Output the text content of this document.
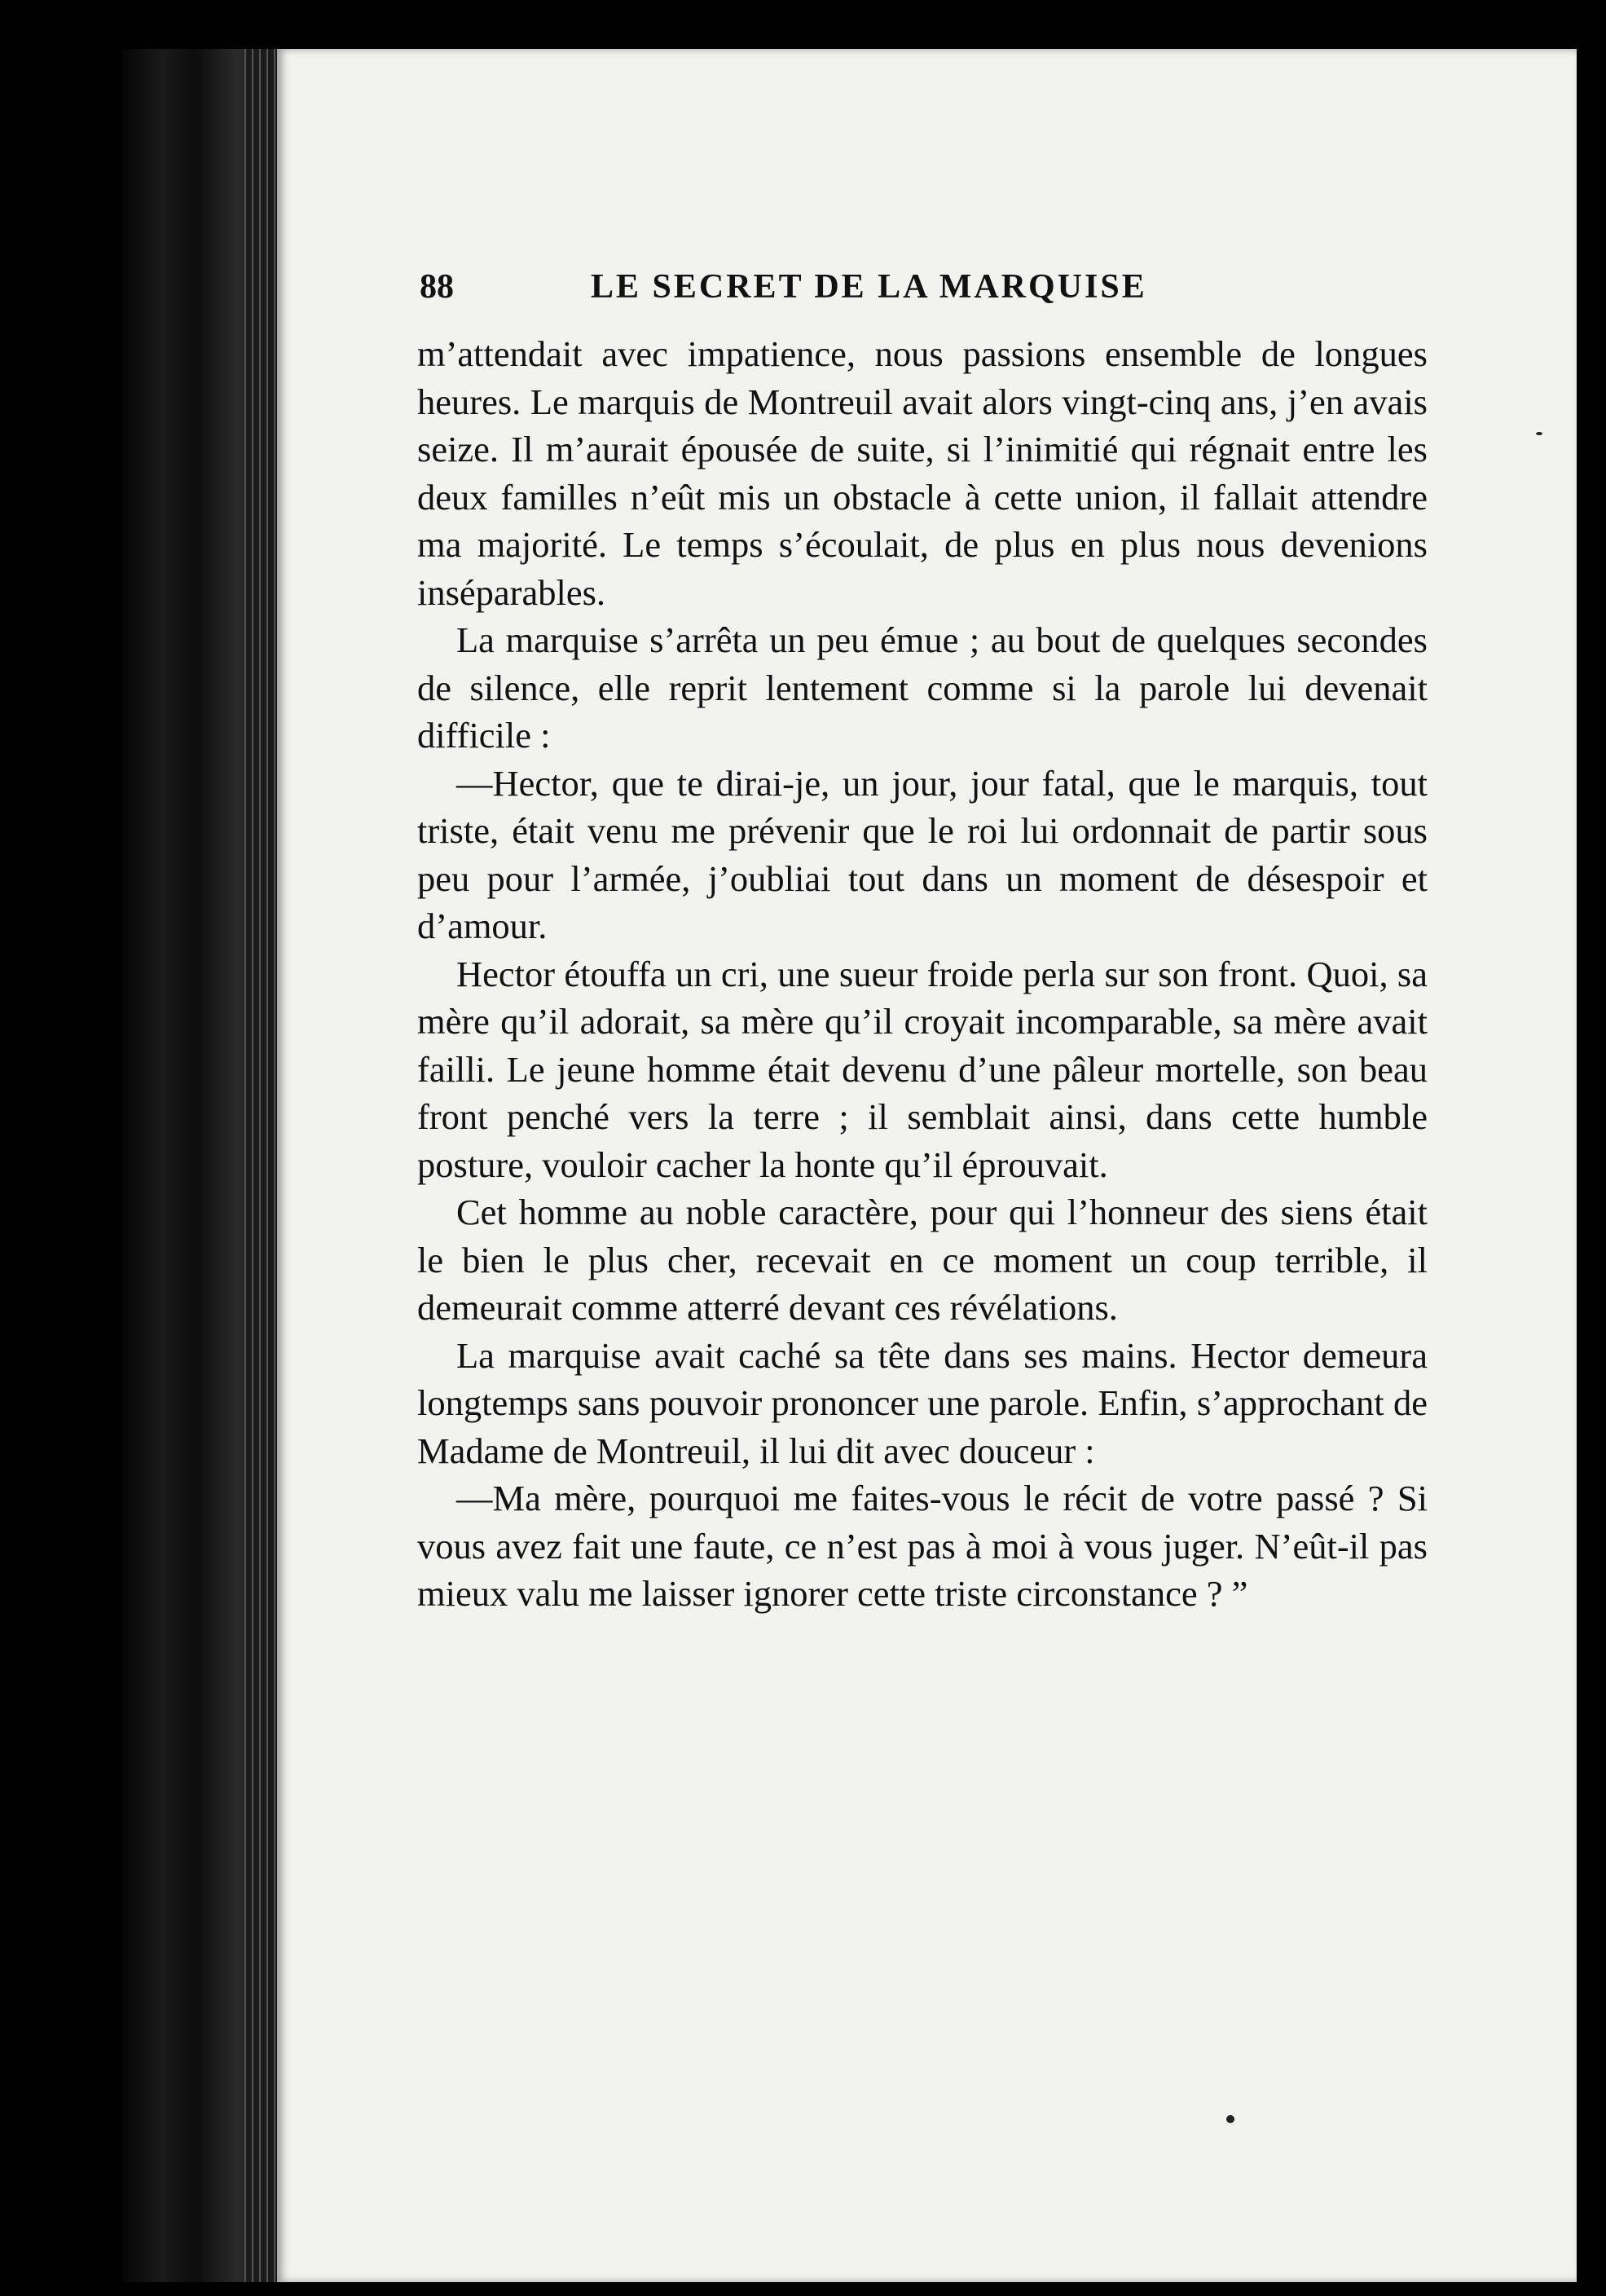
88	LE SECRET DE LA MARQUISE

m’attendait avec impatience, nous passions ensemble de longues heures. Le marquis de Montreuil avait alors vingt-cinq ans, j’en avais seize. Il m’aurait épousée de suite, si l’inimitié qui régnait entre les deux familles n’eût mis un obstacle à cette union, il fallait attendre ma majorité. Le temps s’écoulait, de plus en plus nous devenions inséparables.

La marquise s’arrêta un peu émue ; au bout de quelques secondes de silence, elle reprit lentement comme si la parole lui devenait difficile :

—Hector, que te dirai-je, un jour, jour fatal, que le marquis, tout triste, était venu me prévenir que le roi lui ordonnait de partir sous peu pour l’armée, j’oubliai tout dans un moment de désespoir et d’amour.

Hector étouffa un cri, une sueur froide perla sur son front. Quoi, sa mère qu’il adorait, sa mère qu’il croyait incomparable, sa mère avait failli. Le jeune homme était devenu d’une pâleur mortelle, son beau front penché vers la terre ; il semblait ainsi, dans cette humble posture, vouloir cacher la honte qu’il éprouvait.

Cet homme au noble caractère, pour qui l’honneur des siens était le bien le plus cher, recevait en ce moment un coup terrible, il demeurait comme atterré devant ces révélations.

La marquise avait caché sa tête dans ses mains. Hector demeura longtemps sans pouvoir prononcer une parole. Enfin, s’approchant de Madame de Montreuil, il lui dit avec douceur :

—Ma mère, pourquoi me faites-vous le récit de votre passé ? Si vous avez fait une faute, ce n’est pas à moi à vous juger. N’eût-il pas mieux valu me laisser ignorer cette triste circonstance ? ”
